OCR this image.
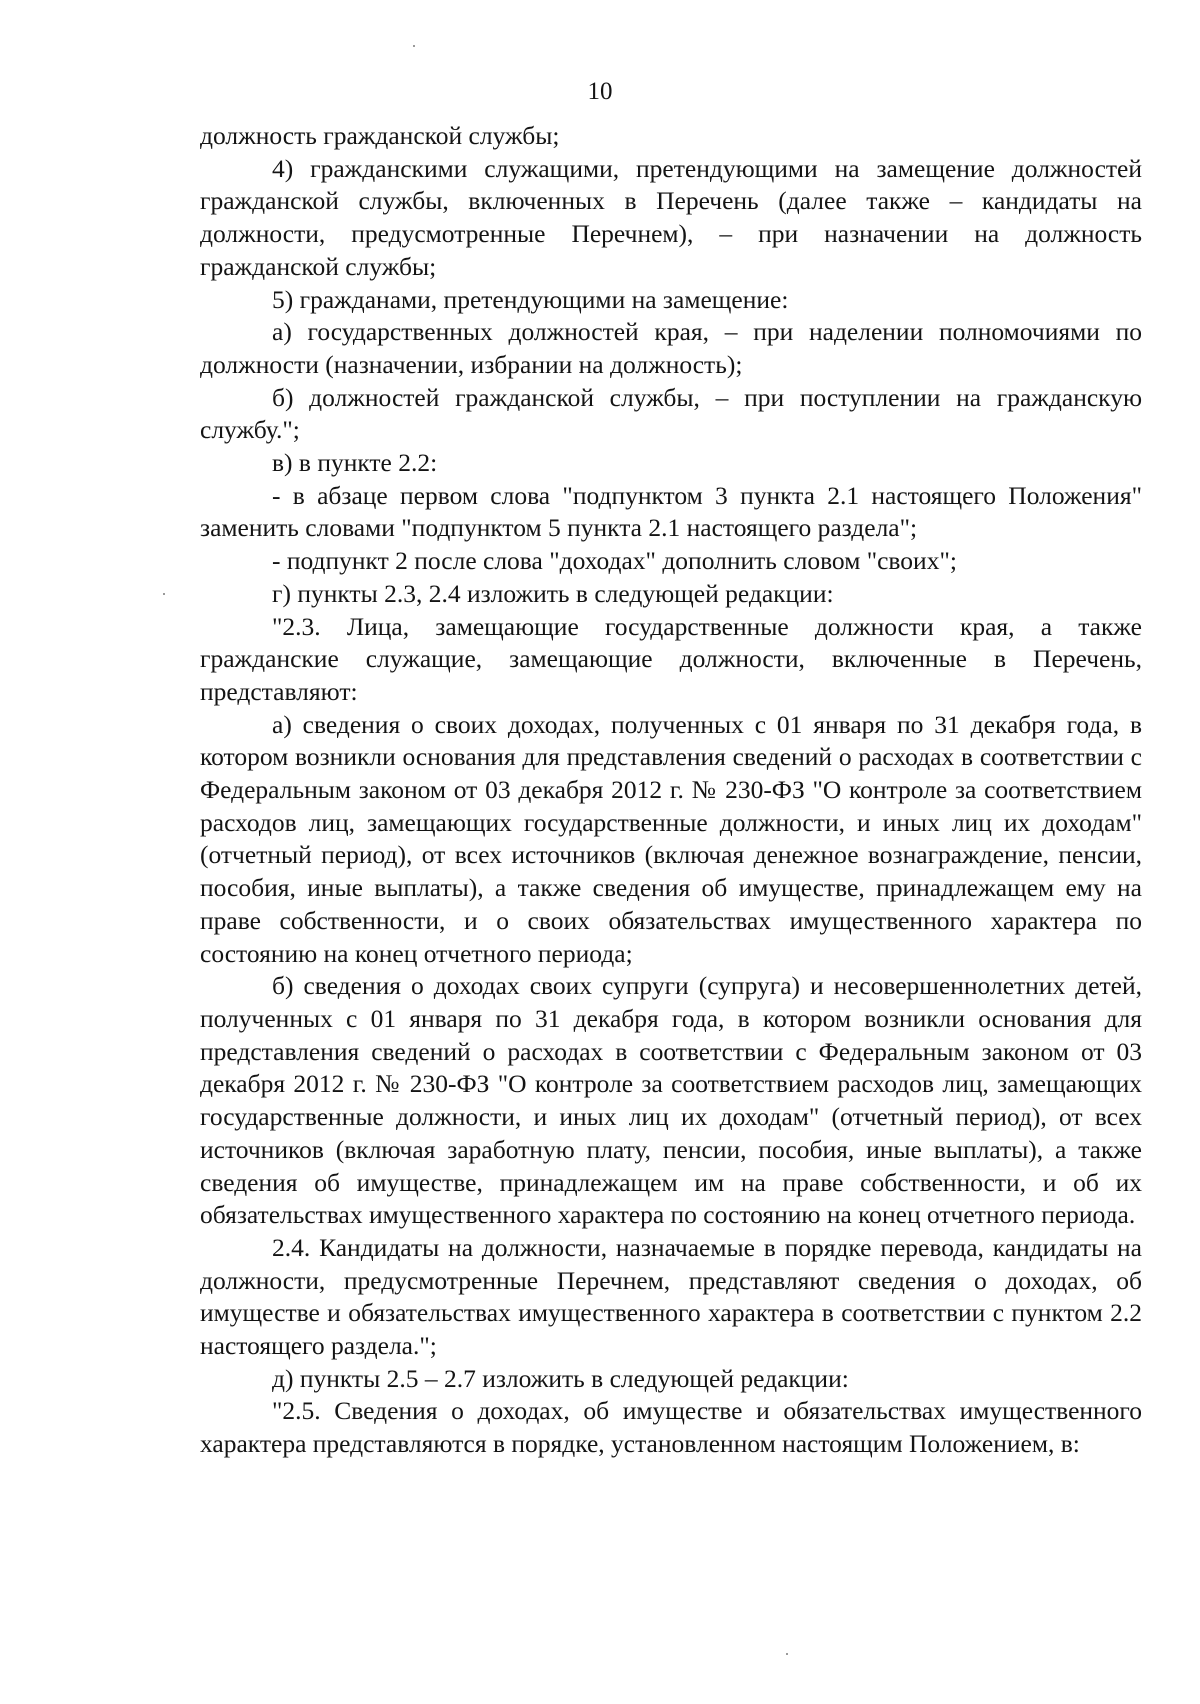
10

должность гражданской службы;

4) гражданскими служащими, претендующими на замещение должностей гражданской службы, включенных в Перечень (далее также – кандидаты на должности, предусмотренные Перечнем), – при назначении на должность гражданской службы;

5) гражданами, претендующими на замещение:

а) государственных должностей края, – при наделении полномочиями по должности (назначении, избрании на должность);

б) должностей гражданской службы, – при поступлении на гражданскую службу.";

в) в пункте 2.2:

- в абзаце первом слова "подпунктом 3 пункта 2.1 настоящего Положения" заменить словами "подпунктом 5 пункта 2.1 настоящего раздела";

- подпункт 2 после слова "доходах" дополнить словом "своих";

г) пункты 2.3, 2.4 изложить в следующей редакции:

"2.3. Лица, замещающие государственные должности края, а также гражданские служащие, замещающие должности, включенные в Перечень, представляют:

а) сведения о своих доходах, полученных с 01 января по 31 декабря года, в котором возникли основания для представления сведений о расходах в соответствии с Федеральным законом от 03 декабря 2012 г. № 230-ФЗ "О контроле за соответствием расходов лиц, замещающих государственные должности, и иных лиц их доходам" (отчетный период), от всех источников (включая денежное вознаграждение, пенсии, пособия, иные выплаты), а также сведения об имуществе, принадлежащем ему на праве собственности, и о своих обязательствах имущественного характера по состоянию на конец отчетного периода;

б) сведения о доходах своих супруги (супруга) и несовершеннолетних детей, полученных с 01 января по 31 декабря года, в котором возникли основания для представления сведений о расходах в соответствии с Федеральным законом от 03 декабря 2012 г. № 230-ФЗ "О контроле за соответствием расходов лиц, замещающих государственные должности, и иных лиц их доходам" (отчетный период), от всех источников (включая заработную плату, пенсии, пособия, иные выплаты), а также сведения об имуществе, принадлежащем им на праве собственности, и об их обязательствах имущественного характера по состоянию на конец отчетного периода.

2.4. Кандидаты на должности, назначаемые в порядке перевода, кандидаты на должности, предусмотренные Перечнем, представляют сведения о доходах, об имуществе и обязательствах имущественного характера в соответствии с пунктом 2.2 настоящего раздела.";

д) пункты 2.5 – 2.7 изложить в следующей редакции:

"2.5. Сведения о доходах, об имуществе и обязательствах имущественного характера представляются в порядке, установленном настоящим Положением, в:
